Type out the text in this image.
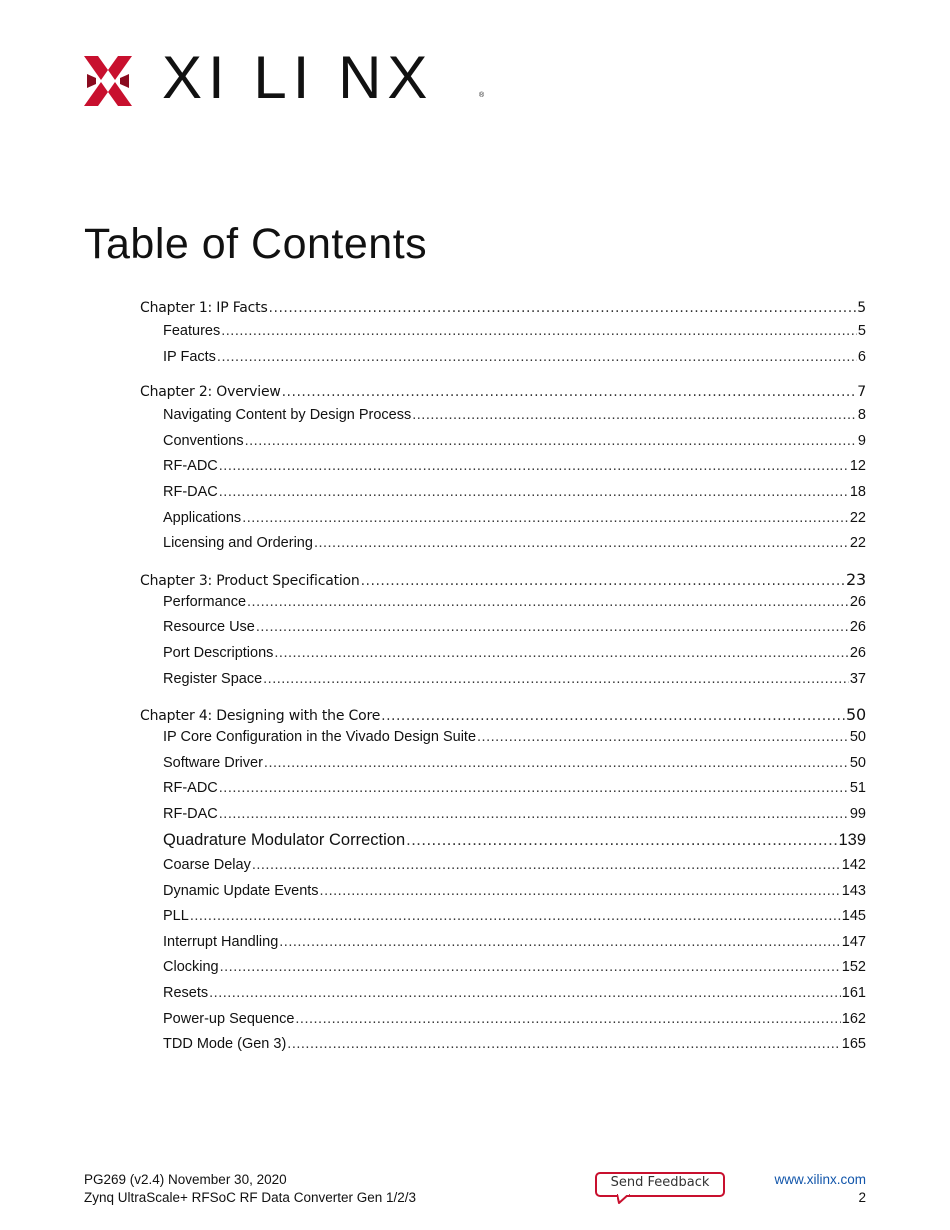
XI LI NX	®
Table of Contents
Chapter 1: IP Facts .....	5
Features .....	5
IP Facts .....	6
Chapter 2: Overview .....	7
Navigating Content by Design Process .....	8
Conventions .....	9
RF-ADC .....	12
RF-DAC .....	18
Applications .....	22
Licensing and Ordering .....	22
Chapter 3: Product Specification .....	23
Performance .....	26
Resource Use .....	26
Port Descriptions .....	26
Register Space .....	37
Chapter 4: Designing with the Core .....	50
IP Core Configuration in the Vivado Design Suite .....	50
Software Driver .....	50
RF-ADC .....	51
RF-DAC .....	99
Quadrature Modulator Correction .....	139
Coarse Delay .....	142
Dynamic Update Events .....	143
PLL .....	145
Interrupt Handling .....	147
Clocking .....	152
Resets .....	161
Power-up Sequence .....	162
TDD Mode (Gen 3) .....	165
PG269 (v2.4) November 30, 2020
Zynq UltraScale+ RFSoC RF Data Converter Gen 1/2/3
Send Feedback	www.xilinx.com
2
